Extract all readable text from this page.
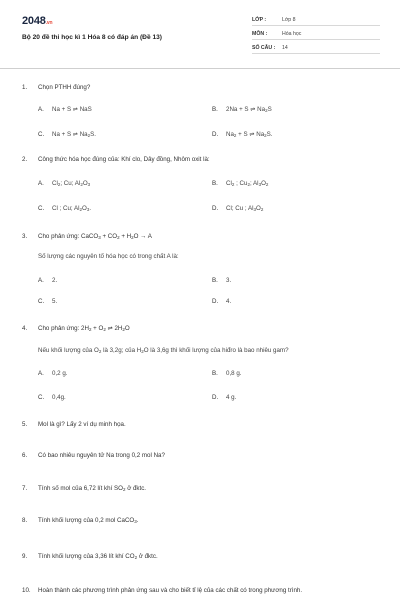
2048.vn
Bộ 20 đề thi học kì 1 Hóa 8 có đáp án (Đề 13)
LỚP :	Lớp 8
MÔN :	Hóa học
SỐ CÂU : 14
1. Chọn PTHH đúng?
A. Na + S ⇌ NaS	B. 2Na + S ⇌ $Na_2S$
C. Na + S ⇌ $Na_2S$.	D. $Na_2 + S$ ⇌ $Na_2S$.
2. Công thức hóa học đúng của: Khí clo, Dây đồng, Nhôm oxit là:
A. $Cl_2$; Cu; $Al_2O_3$	B. $Cl_2$ ; $Cu_2$; $Al_3O_2$
C. Cl ; Cu; $Al_2O_3$.	D. Cl; Cu ; $Al_3O_2$
3. Cho phản ứng: CaCO$_3$ + $CO_2 + H_2O \to A$
Số lượng các nguyên tố hóa học có trong chất A là:
A. 2.	B. 3.
C. 5.	D. 4.
4. Cho phản ứng: $2H_2 + O_2$ ⇌ $2H_2O$
Nếu khối lượng của $O_2$ là 3,2g; của $H_2O$ là 3,6g thì khối lượng của hiđro là bao nhiêu gam?
A. 0,2 g.	B. 0,8 g.
C. 0,4g.	D. 4 g.
5. Mol là gì? Lấy 2 ví dụ minh họa.
6. Có bao nhiêu nguyên tử Na trong 0,2 mol Na?
7. Tính số mol của 6,72 lít khí $SO_2$ ở đktc.
8. Tính khối lượng của 0,2 mol CaCO$_3$.
9. Tính khối lượng của 3,36 lít khí $CO_2$ ở đktc.
10. Hoàn thành các phương trình phản ứng sau và cho biết tỉ lệ của các chất có trong phương trình.
